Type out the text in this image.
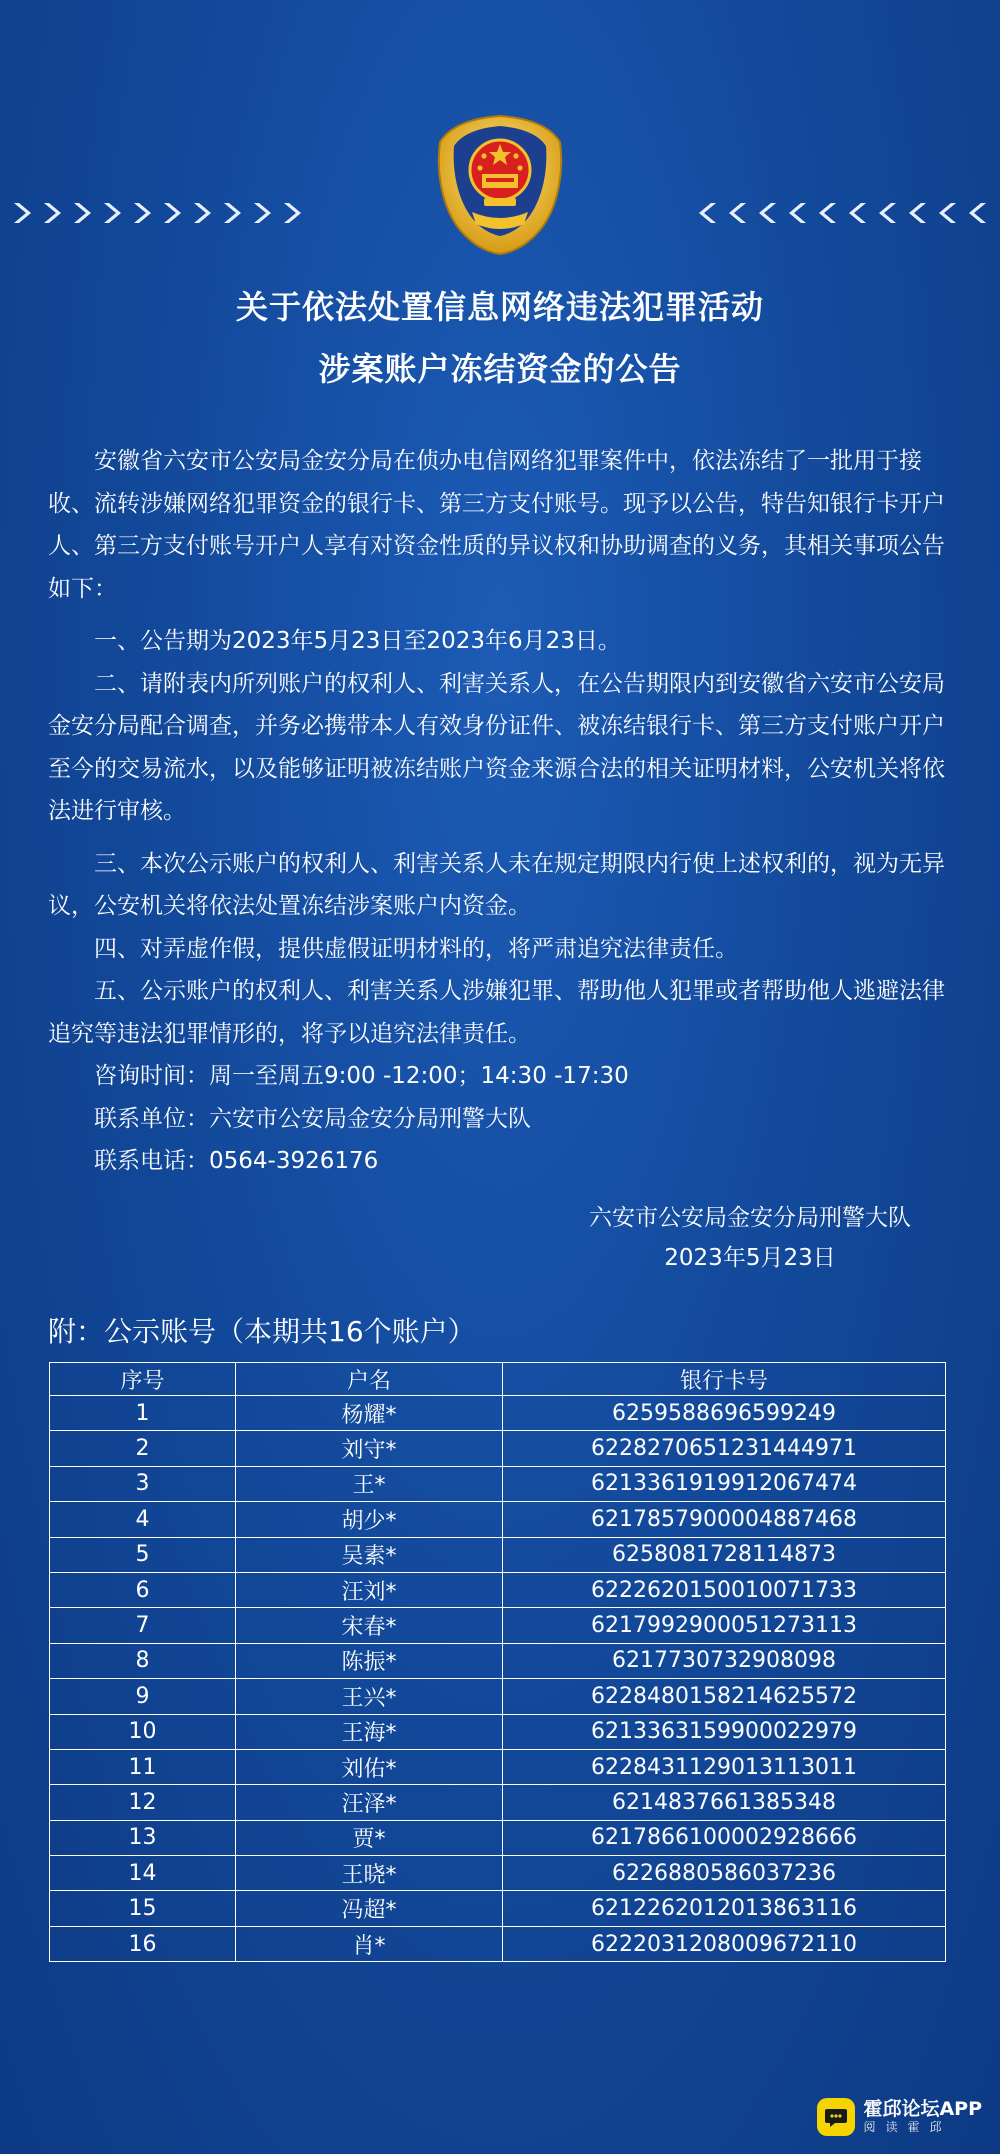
关于依法处置信息网络违法犯罪活动
涉案账户冻结资金的公告

安徽省六安市公安局金安分局在侦办电信网络犯罪案件中，依法冻结了一批用于接收、流转涉嫌网络犯罪资金的银行卡、第三方支付账号。现予以公告，特告知银行卡开户人、第三方支付账号开户人享有对资金性质的异议权和协助调查的义务，其相关事项公告如下：

一、公告期为2023年5月23日至2023年6月23日。

二、请附表内所列账户的权利人、利害关系人，在公告期限内到安徽省六安市公安局金安分局配合调查，并务必携带本人有效身份证件、被冻结银行卡、第三方支付账户开户至今的交易流水，以及能够证明被冻结账户资金来源合法的相关证明材料，公安机关将依法进行审核。

三、本次公示账户的权利人、利害关系人未在规定期限内行使上述权利的，视为无异议，公安机关将依法处置冻结涉案账户内资金。

四、对弄虚作假，提供虚假证明材料的，将严肃追究法律责任。

五、公示账户的权利人、利害关系人涉嫌犯罪、帮助他人犯罪或者帮助他人逃避法律追究等违法犯罪情形的，将予以追究法律责任。

咨询时间：周一至周五9:00 -12:00；14:30 -17:30

联系单位：六安市公安局金安分局刑警大队

联系电话：0564-3926176

六安市公安局金安分局刑警大队
2023年5月23日
附：公示账号（本期共16个账户）
序号	户名	银行卡号
1	杨耀*	6259588696599249
2	刘守*	6228270651231444971
3	王*	6213361919912067474
4	胡少*	6217857900004887468
5	吴素*	6258081728114873
6	汪刘*	6222620150010071733
7	宋春*	6217992900051273113
8	陈振*	6217730732908098
9	王兴*	6228480158214625572
10	王海*	6213363159900022979
11	刘佑*	6228431129013113011
12	汪泽*	6214837661385348
13	贾*	6217866100002928666
14	王晓*	6226880586037236
15	冯超*	6212262012013863116
16	肖*	6222031208009672110
霍邱论坛APP
阅读霍邱
